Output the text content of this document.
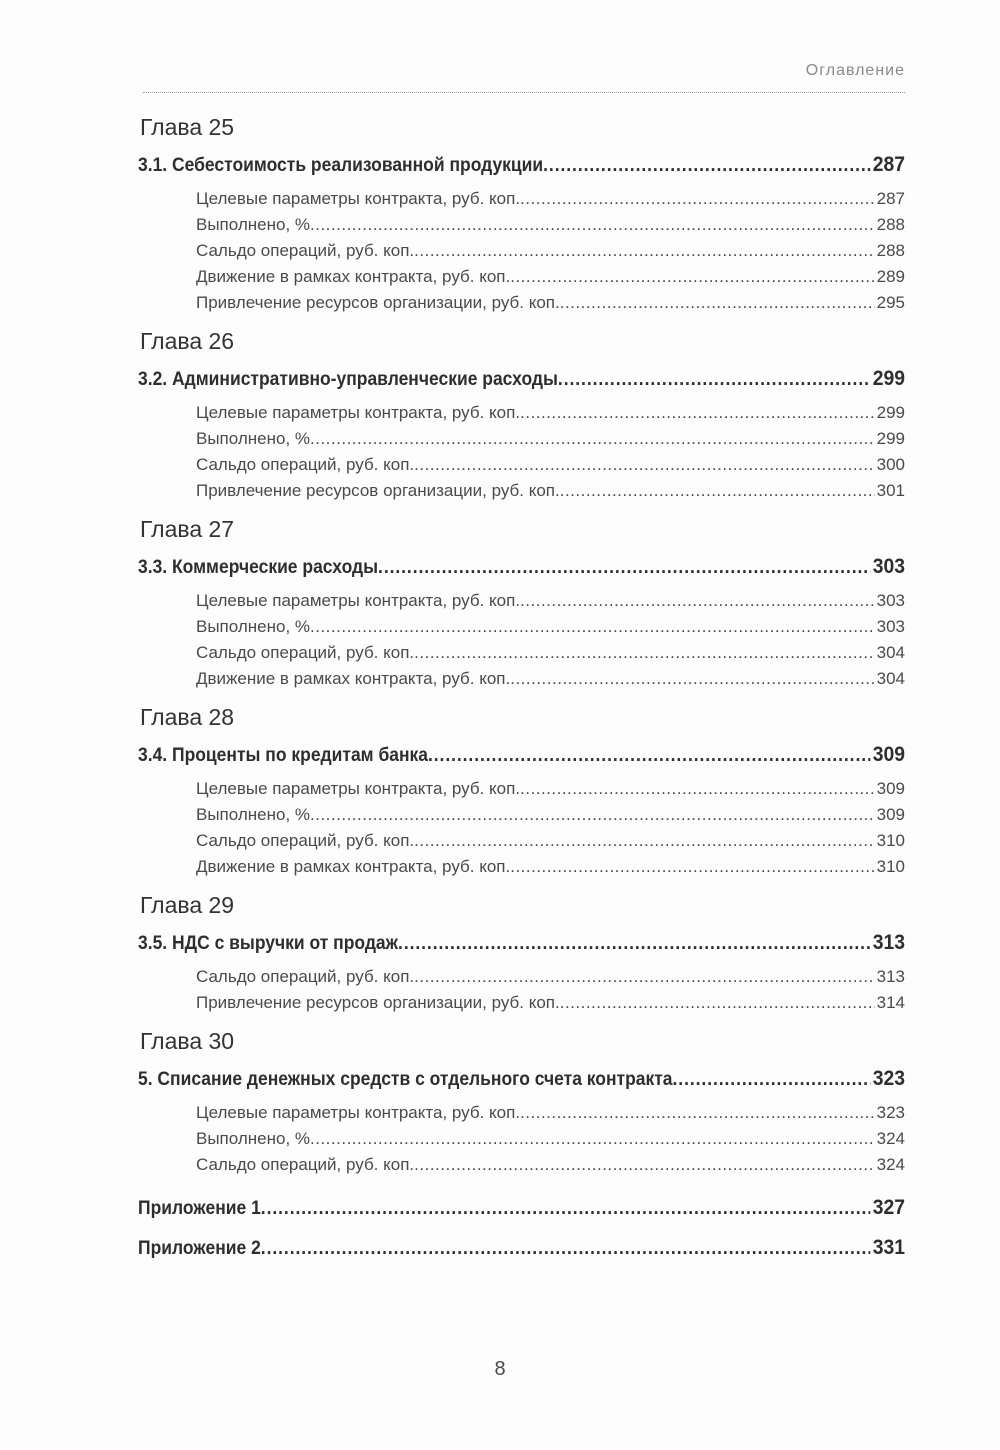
Оглавление
Глава 25
3.1. Себестоимость реализованной продукции .....	287
Целевые параметры контракта, руб. коп. .....	287
Выполнено, % .....	288
Сальдо операций, руб. коп. .....	288
Движение в рамках контракта, руб. коп. .....	289
Привлечение ресурсов организации, руб. коп. .....	295
Глава 26
3.2. Административно-управленческие расходы .....	299
Целевые параметры контракта, руб. коп. .....	299
Выполнено, % .....	299
Сальдо операций, руб. коп. .....	300
Привлечение ресурсов организации, руб. коп. .....	301
Глава 27
3.3. Коммерческие расходы .....	303
Целевые параметры контракта, руб. коп. .....	303
Выполнено, % .....	303
Сальдо операций, руб. коп. .....	304
Движение в рамках контракта, руб. коп. .....	304
Глава 28
3.4. Проценты по кредитам банка .....	309
Целевые параметры контракта, руб. коп. .....	309
Выполнено, % .....	309
Сальдо операций, руб. коп. .....	310
Движение в рамках контракта, руб. коп. .....	310
Глава 29
3.5. НДС с выручки от продаж .....	313
Сальдо операций, руб. коп. .....	313
Привлечение ресурсов организации, руб. коп. .....	314
Глава 30
5. Списание денежных средств с отдельного счета контракта .....	323
Целевые параметры контракта, руб. коп. .....	323
Выполнено, % .....	324
Сальдо операций, руб. коп. .....	324
Приложение 1 .....	327
Приложение 2 .....	331
8
